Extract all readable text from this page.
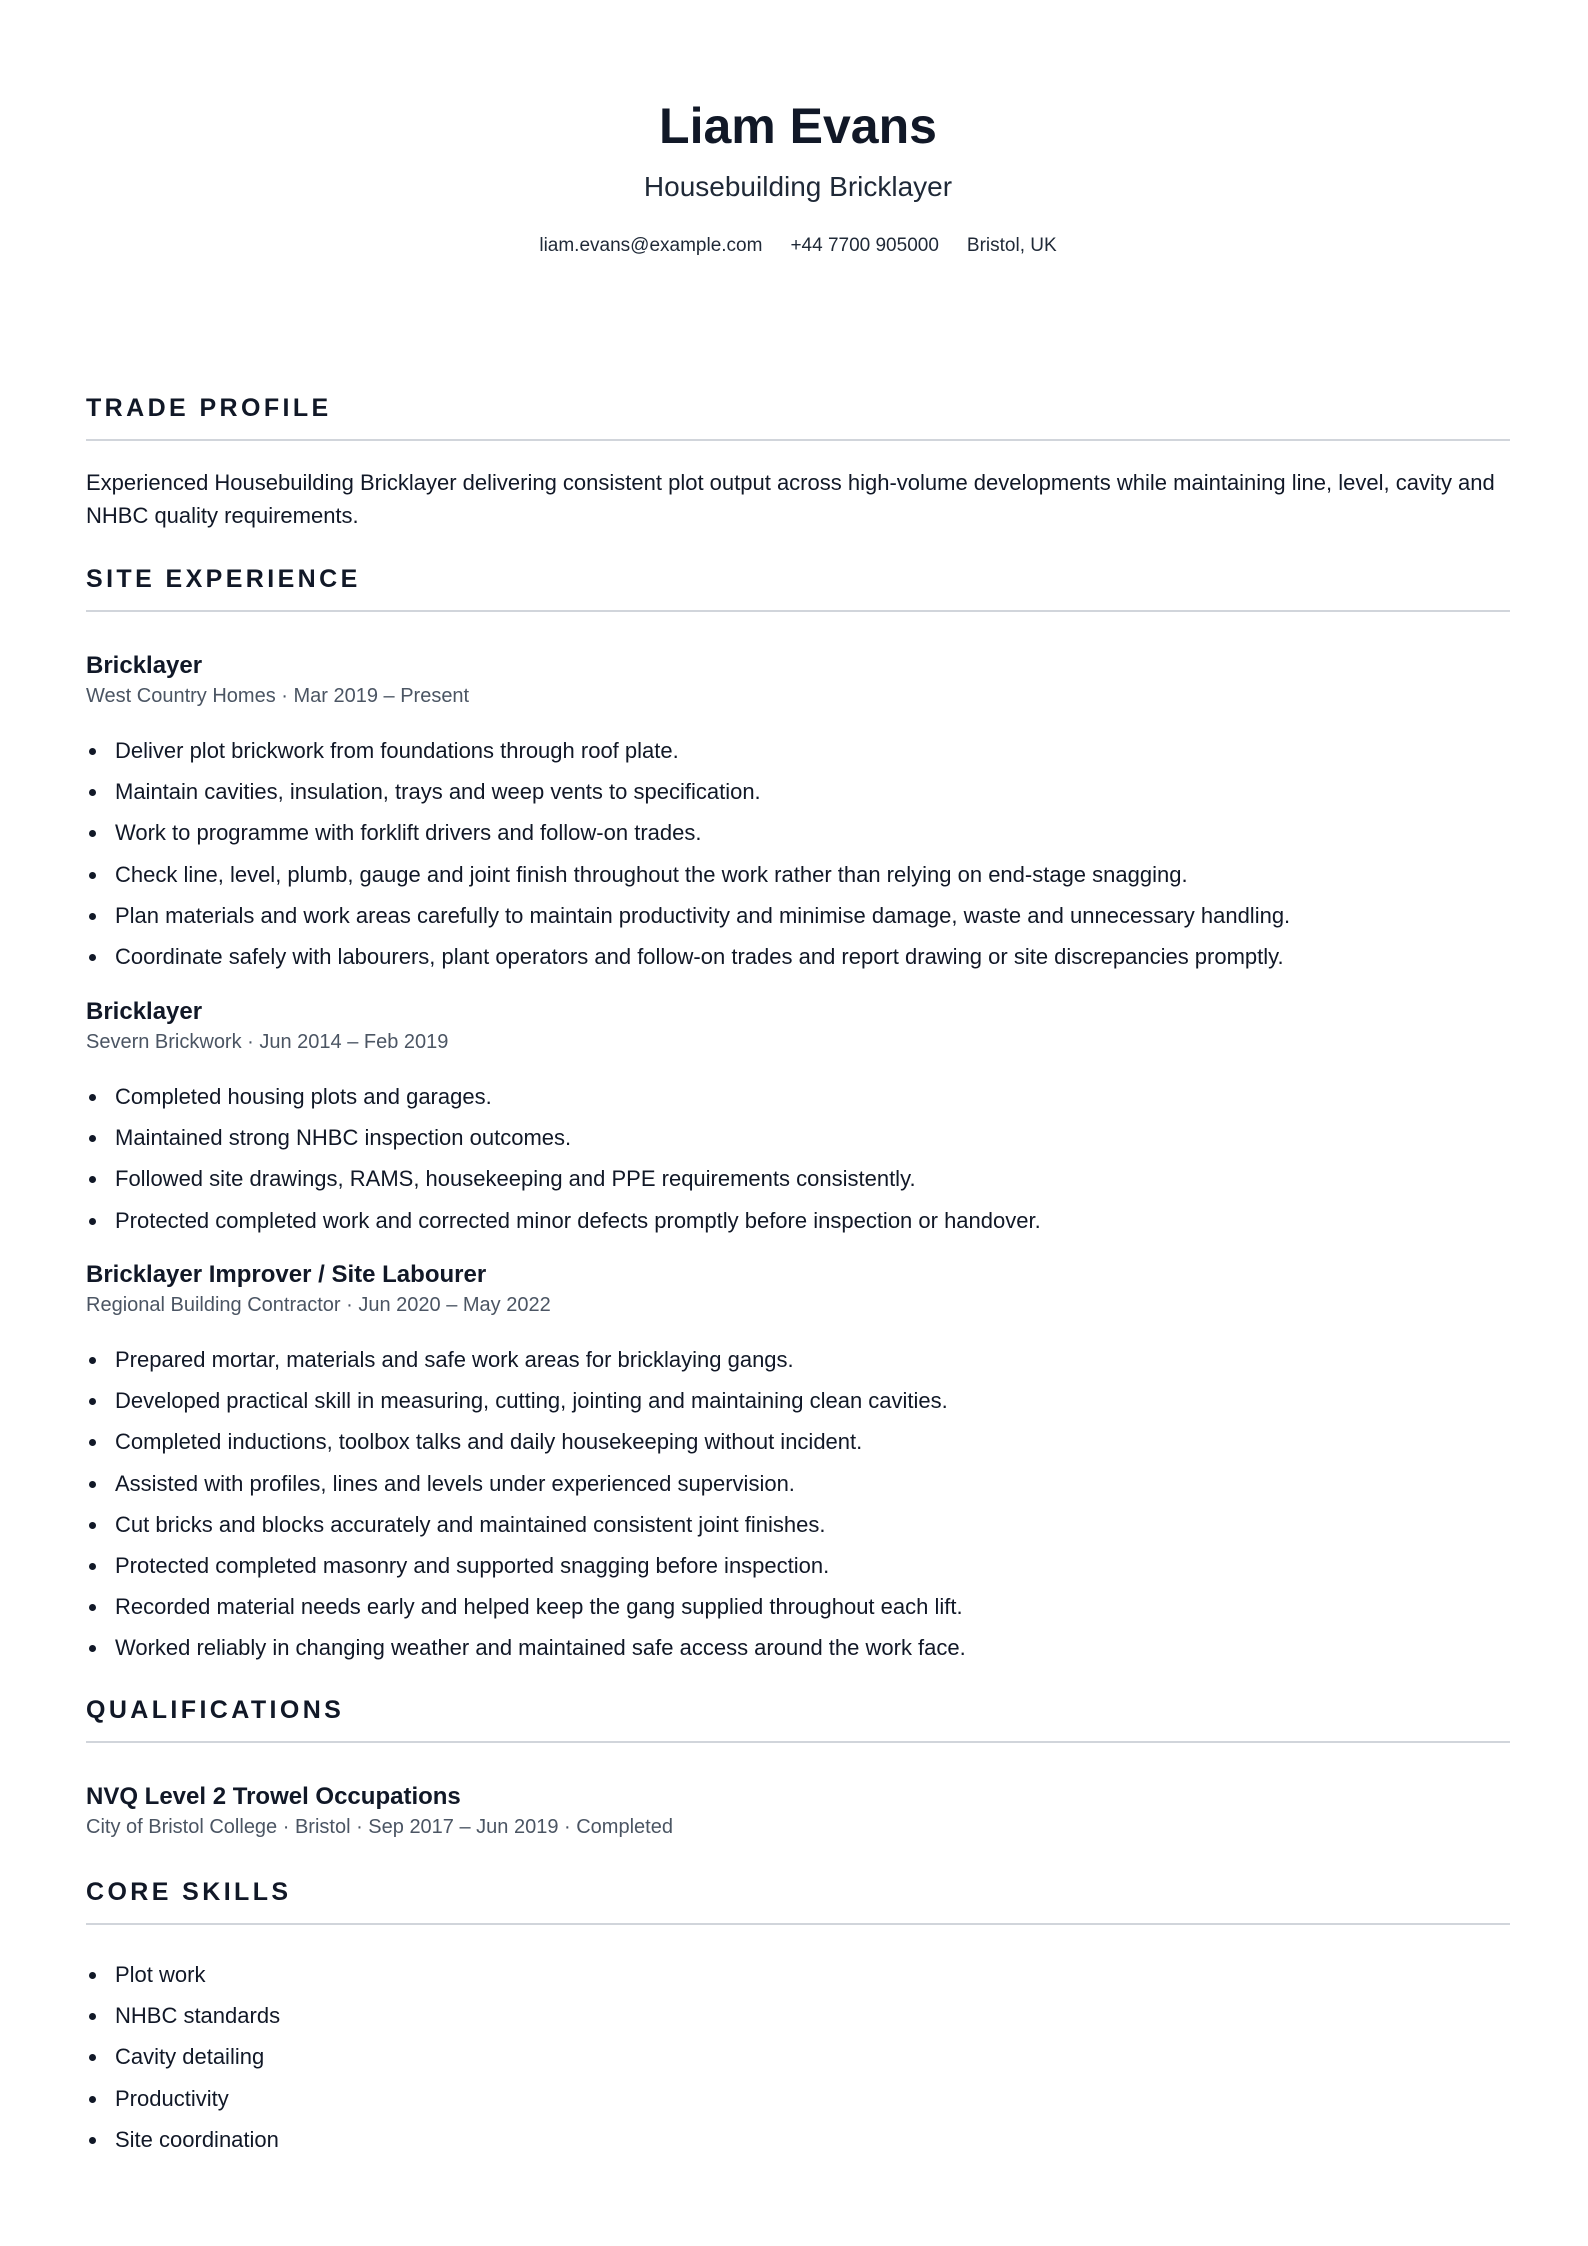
Liam Evans
Housebuilding Bricklayer
liam.evans@example.com +44 7700 905000 Bristol, UK
TRADE PROFILE

Experienced Housebuilding Bricklayer delivering consistent plot output across high-volume developments while maintaining line, level, cavity and NHBC quality requirements.

SITE EXPERIENCE
Bricklayer
West Country Homes · Mar 2019 – Present
Deliver plot brickwork from foundations through roof plate.
Maintain cavities, insulation, trays and weep vents to specification.
Work to programme with forklift drivers and follow-on trades.
Check line, level, plumb, gauge and joint finish throughout the work rather than relying on end-stage snagging.
Plan materials and work areas carefully to maintain productivity and minimise damage, waste and unnecessary handling.
Coordinate safely with labourers, plant operators and follow-on trades and report drawing or site discrepancies promptly.
Bricklayer
Severn Brickwork · Jun 2014 – Feb 2019
Completed housing plots and garages.
Maintained strong NHBC inspection outcomes.
Followed site drawings, RAMS, housekeeping and PPE requirements consistently.
Protected completed work and corrected minor defects promptly before inspection or handover.
Bricklayer Improver / Site Labourer
Regional Building Contractor · Jun 2020 – May 2022
Prepared mortar, materials and safe work areas for bricklaying gangs.
Developed practical skill in measuring, cutting, jointing and maintaining clean cavities.
Completed inductions, toolbox talks and daily housekeeping without incident.
Assisted with profiles, lines and levels under experienced supervision.
Cut bricks and blocks accurately and maintained consistent joint finishes.
Protected completed masonry and supported snagging before inspection.
Recorded material needs early and helped keep the gang supplied throughout each lift.
Worked reliably in changing weather and maintained safe access around the work face.
QUALIFICATIONS
NVQ Level 2 Trowel Occupations
City of Bristol College · Bristol · Sep 2017 – Jun 2019 · Completed
CORE SKILLS
Plot work
NHBC standards
Cavity detailing
Productivity
Site coordination
